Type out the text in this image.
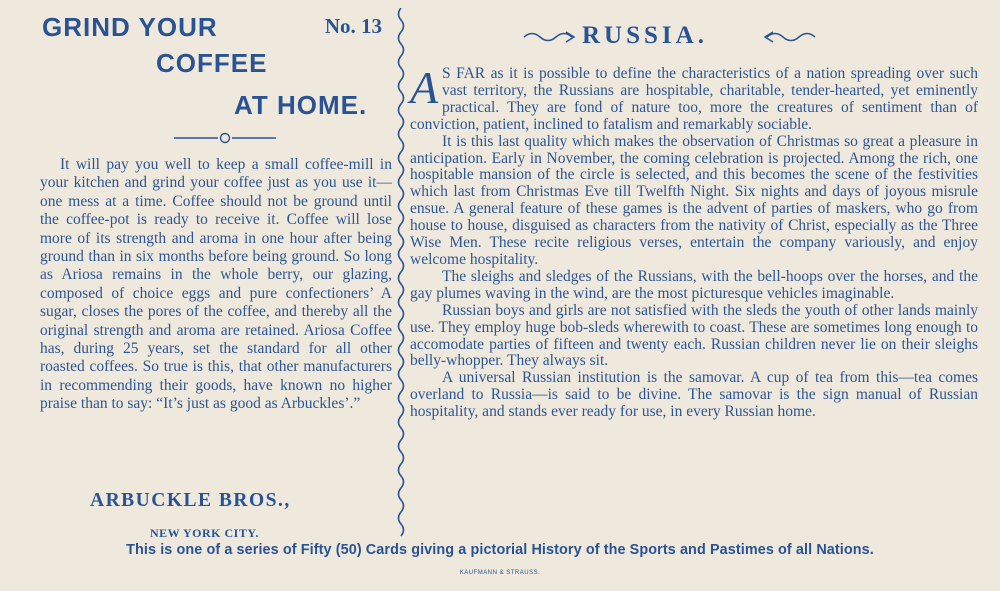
GRIND YOUR	No. 13
COFFEE
AT HOME.
It will pay you well to keep a small coffee-mill in your kitchen and grind your coffee just as you use it—one mess at a time. Coffee should not be ground until the coffee-pot is ready to receive it. Coffee will lose more of its strength and aroma in one hour after being ground than in six months before being ground. So long as Ariosa remains in the whole berry, our glazing, composed of choice eggs and pure confectioners’ A sugar, closes the pores of the coffee, and thereby all the original strength and aroma are retained. Ariosa Coffee has, during 25 years, set the standard for all other roasted coffees. So true is this, that other manufacturers in recommending their goods, have known no higher praise than to say: “It’s just as good as Arbuckles’.”
ARBUCKLE BROS.,
NEW YORK CITY.
RUSSIA.

A S FAR as it is possible to define the characteristics of a nation spreading over such vast territory, the Russians are hospitable, charitable, tender-hearted, yet eminently practical. They are fond of nature too, more the creatures of sentiment than of conviction, patient, inclined to fatalism and remarkably sociable.

It is this last quality which makes the observation of Christmas so great a pleasure in anticipation. Early in November, the coming celebration is projected. Among the rich, one hospitable mansion of the circle is selected, and this becomes the scene of the festivities which last from Christmas Eve till Twelfth Night. Six nights and days of joyous misrule ensue. A general feature of these games is the advent of parties of maskers, who go from house to house, disguised as characters from the nativity of Christ, especially as the Three Wise Men. These recite religious verses, entertain the company variously, and enjoy welcome hospitality.

The sleighs and sledges of the Russians, with the bell-hoops over the horses, and the gay plumes waving in the wind, are the most picturesque vehicles imaginable.

Russian boys and girls are not satisfied with the sleds the youth of other lands mainly use. They employ huge bob-sleds wherewith to coast. These are sometimes long enough to accomodate parties of fifteen and twenty each. Russian children never lie on their sleighs belly-whopper. They always sit.

A universal Russian institution is the samovar. A cup of tea from this—tea comes overland to Russia—is said to be divine. The samovar is the sign manual of Russian hospitality, and stands ever ready for use, in every Russian home.

This is one of a series of Fifty (50) Cards giving a pictorial History of the Sports and Pastimes of all Nations.
KAUFMANN & STRAUSS.
